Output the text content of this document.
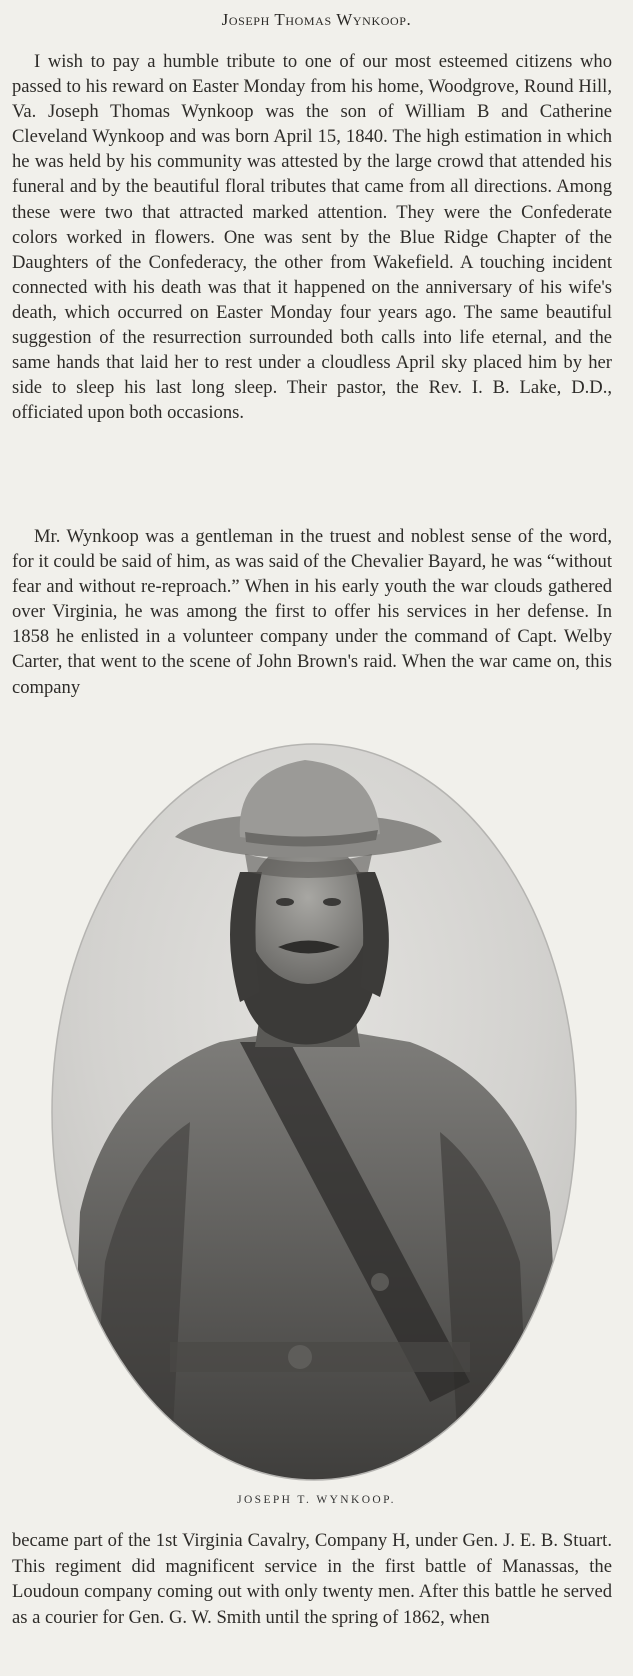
Joseph Thomas Wynkoop.

I wish to pay a humble tribute to one of our most esteemed citizens who passed to his reward on Easter Monday from his home, Woodgrove, Round Hill, Va. Joseph Thomas Wynkoop was the son of William B and Catherine Cleveland Wynkoop and was born April 15, 1840. The high estimation in which he was held by his community was attested by the large crowd that attended his funeral and by the beautiful floral tributes that came from all directions. Among these were two that attracted marked attention. They were the Confederate colors worked in flowers. One was sent by the Blue Ridge Chapter of the Daughters of the Confederacy, the other from Wakefield. A touching incident connected with his death was that it happened on the anniversary of his wife's death, which occurred on Easter Monday four years ago. The same beautiful suggestion of the resurrection surrounded both calls into life eternal, and the same hands that laid her to rest under a cloudless April sky placed him by her side to sleep his last long sleep. Their pastor, the Rev. I. B. Lake, D.D., officiated upon both occasions.

Mr. Wynkoop was a gentleman in the truest and noblest sense of the word, for it could be said of him, as was said of the Chevalier Bayard, he was “without fear and without re-reproach.” When in his early youth the war clouds gathered over Virginia, he was among the first to offer his services in her defense. In 1858 he enlisted in a volunteer company under the command of Capt. Welby Carter, that went to the scene of John Brown's raid. When the war came on, this company

JOSEPH T. WYNKOOP.

became part of the 1st Virginia Cavalry, Company H, under Gen. J. E. B. Stuart. This regiment did magnificent service in the first battle of Manassas, the Loudoun company coming out with only twenty men. After this battle he served as a courier for Gen. G. W. Smith until the spring of 1862, when
